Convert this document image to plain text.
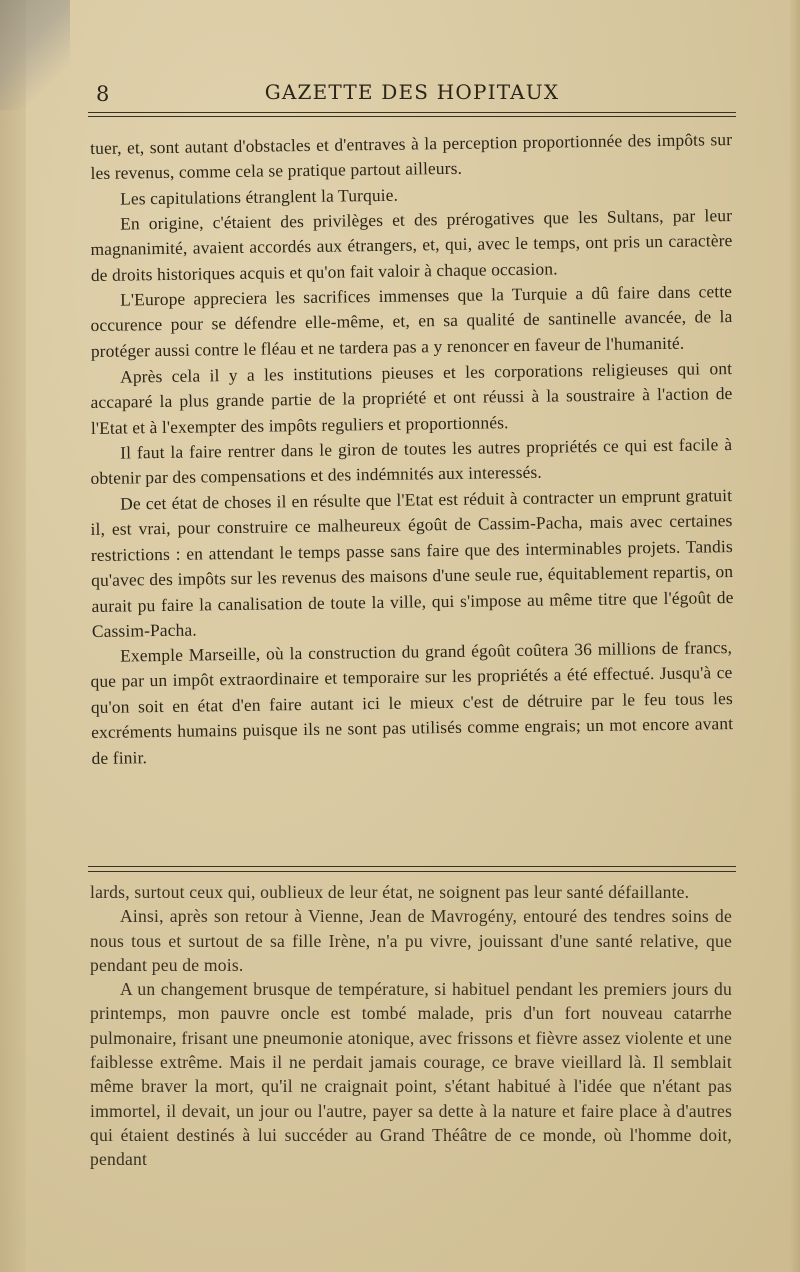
8	GAZETTE DES HOPITAUX

tuer, et, sont autant d'obstacles et d'entraves à la perception proportionnée des impôts sur les revenus, comme cela se pratique partout ailleurs.

Les capitulations étranglent la Turquie.

En origine, c'étaient des privilèges et des prérogatives que les Sultans, par leur magnanimité, avaient accordés aux étrangers, et, qui, avec le temps, ont pris un caractère de droits historiques acquis et qu'on fait valoir à chaque occasion.

L'Europe appreciera les sacrifices immenses que la Turquie a dû faire dans cette occurence pour se défendre elle-même, et, en sa qualité de santinelle avancée, de la protéger aussi contre le fléau et ne tardera pas a y renoncer en faveur de l'humanité.

Après cela il y a les institutions pieuses et les corporations religieuses qui ont accaparé la plus grande partie de la propriété et ont réussi à la soustraire à l'action de l'Etat et à l'exempter des impôts reguliers et proportionnés.

Il faut la faire rentrer dans le giron de toutes les autres propriétés ce qui est facile à obtenir par des compensations et des indémnités aux interessés.

De cet état de choses il en résulte que l'Etat est réduit à contracter un emprunt gratuit il, est vrai, pour construire ce malheureux égoût de Cassim-Pacha, mais avec certaines restrictions : en attendant le temps passe sans faire que des interminables projets. Tandis qu'avec des impôts sur les revenus des maisons d'une seule rue, équitablement repartis, on aurait pu faire la canalisation de toute la ville, qui s'impose au même titre que l'égoût de Cassim-Pacha.

Exemple Marseille, où la construction du grand égoût coûtera 36 millions de francs, que par un impôt extraordinaire et temporaire sur les propriétés a été effectué. Jusqu'à ce qu'on soit en état d'en faire autant ici le mieux c'est de détruire par le feu tous les excréments humains puisque ils ne sont pas utilisés comme engrais; un mot encore avant de finir.

lards, surtout ceux qui, oublieux de leur état, ne soignent pas leur santé défaillante.

Ainsi, après son retour à Vienne, Jean de Mavrogény, entouré des tendres soins de nous tous et surtout de sa fille Irène, n'a pu vivre, jouissant d'une santé relative, que pendant peu de mois.

A un changement brusque de température, si habituel pendant les premiers jours du printemps, mon pauvre oncle est tombé malade, pris d'un fort nouveau catarrhe pulmonaire, frisant une pneumonie atonique, avec frissons et fièvre assez violente et une faiblesse extrême. Mais il ne perdait jamais courage, ce brave vieillard là. Il semblait même braver la mort, qu'il ne craignait point, s'étant habitué à l'idée que n'étant pas immortel, il devait, un jour ou l'autre, payer sa dette à la nature et faire place à d'autres qui étaient destinés à lui succéder au Grand Théâtre de ce monde, où l'homme doit, pendant
